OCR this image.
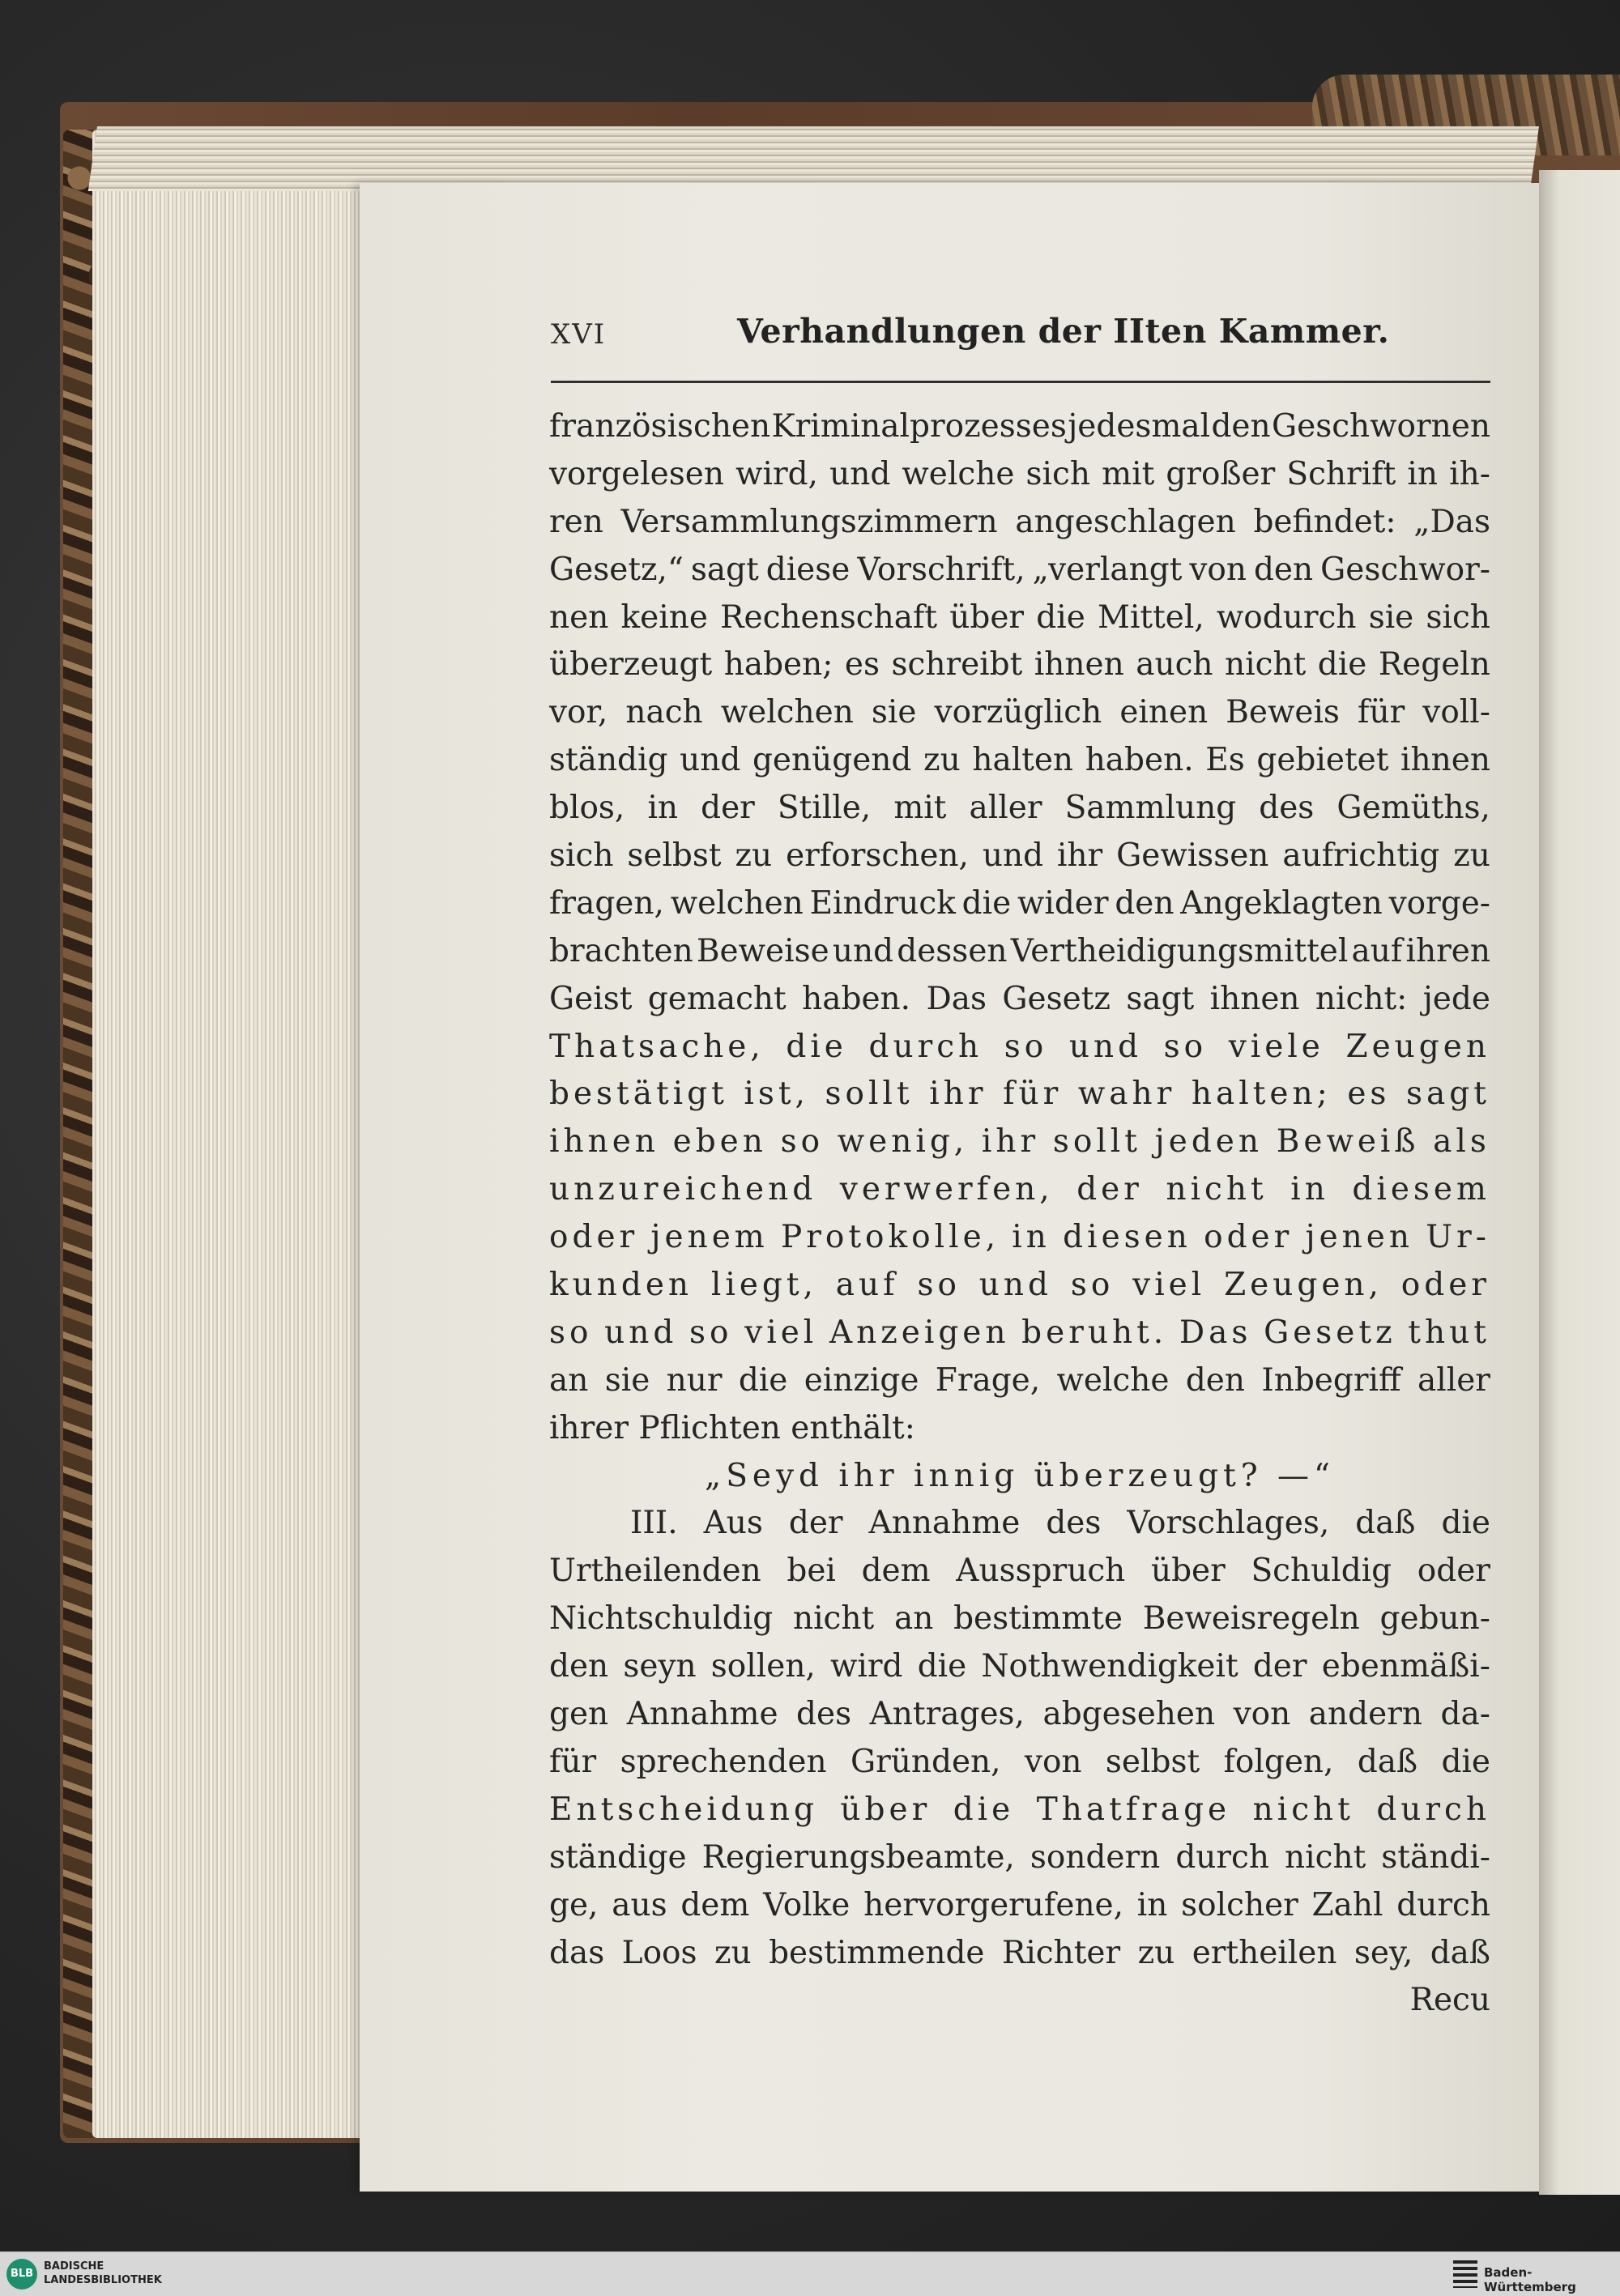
XVI	Verhandlungen der IIten Kammer.
französischen Kriminalprozesses jedesmal den Geschwornen
vorgelesen wird, und welche sich mit großer Schrift in ih-
ren Versammlungszimmern angeschlagen befindet: „Das
Gesetz,“ sagt diese Vorschrift, „verlangt von den Geschwor-
nen keine Rechenschaft über die Mittel, wodurch sie sich
überzeugt haben; es schreibt ihnen auch nicht die Regeln
vor, nach welchen sie vorzüglich einen Beweis für voll-
ständig und genügend zu halten haben. Es gebietet ihnen
blos, in der Stille, mit aller Sammlung des Gemüths,
sich selbst zu erforschen, und ihr Gewissen aufrichtig zu
fragen, welchen Eindruck die wider den Angeklagten vorge-
brachten Beweise und dessen Vertheidigungsmittel auf ihren
Geist gemacht haben. Das Gesetz sagt ihnen nicht: jede
Thatsache, die durch so und so viele Zeugen
bestätigt ist, sollt ihr für wahr halten; es sagt
ihnen eben so wenig, ihr sollt jeden Beweiß als
unzureichend verwerfen, der nicht in diesem
oder jenem Protokolle, in diesen oder jenen Ur-
kunden liegt, auf so und so viel Zeugen, oder
so und so viel Anzeigen beruht. Das Gesetz thut
an sie nur die einzige Frage, welche den Inbegriff aller
ihrer Pflichten enthält:
„Seyd ihr innig überzeugt? —“
III. Aus der Annahme des Vorschlages, daß die
Urtheilenden bei dem Ausspruch über Schuldig oder
Nichtschuldig nicht an bestimmte Beweisregeln gebun-
den seyn sollen, wird die Nothwendigkeit der ebenmäßi-
gen Annahme des Antrages, abgesehen von andern da-
für sprechenden Gründen, von selbst folgen, daß die
Entscheidung über die Thatfrage nicht durch
ständige Regierungsbeamte, sondern durch nicht ständi-
ge, aus dem Volke hervorgerufene, in solcher Zahl durch
das Loos zu bestimmende Richter zu ertheilen sey, daß
Recu
BLB
BADISCHE
LANDESBIBLIOTHEK
Baden-Württemberg
